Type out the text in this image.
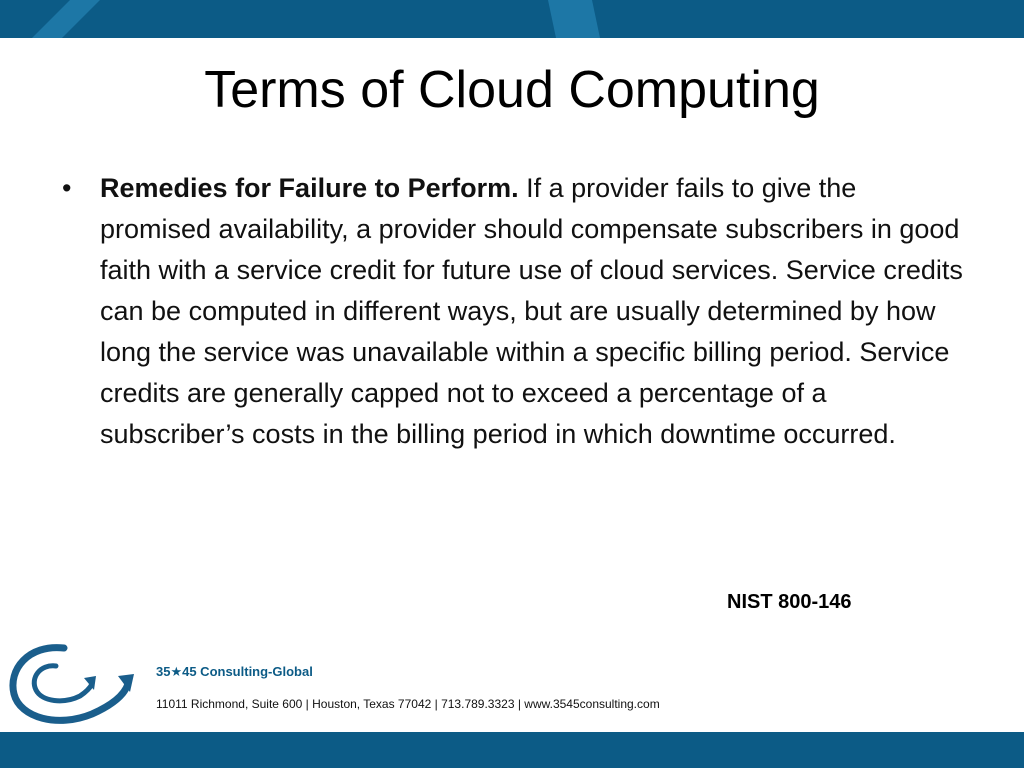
Terms of Cloud Computing
• Remedies for Failure to Perform. If a provider fails to give the promised availability, a provider should compensate subscribers in good faith with a service credit for future use of cloud services. Service credits can be computed in different ways, but are usually determined by how long the service was unavailable within a specific billing period. Service credits are generally capped not to exceed a percentage of a subscriber’s costs in the billing period in which downtime occurred.
NIST 800-146
35★45 Consulting-Global
11011 Richmond, Suite 600 | Houston, Texas 77042 | 713.789.3323 | www.3545consulting.com
